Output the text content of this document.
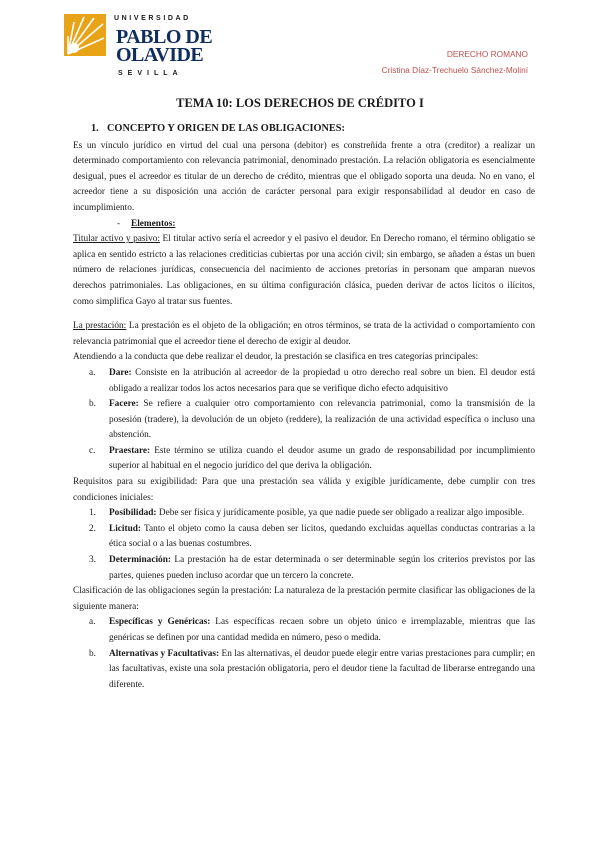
UNIVERSIDAD
PABLO DE
OLAVIDE
SEVILLA
DERECHO ROMANO
Cristina Díaz-Trechuelo Sánchez-Moliní
TEMA 10: LOS DERECHOS DE CRÉDITO I

1. CONCEPTO Y ORIGEN DE LAS OBLIGACIONES:

Es un vínculo jurídico en virtud del cual una persona (debitor) es constreñida frente a otra (creditor) a realizar un determinado comportamiento con relevancia patrimonial, denominado prestación. La relación obligatoria es esencialmente desigual, pues el acreedor es titular de un derecho de crédito, mientras que el obligado soporta una deuda. No en vano, el acreedor tiene a su disposición una acción de carácter personal para exigir responsabilidad al deudor en caso de incumplimiento.

- Elementos:

Titular activo y pasivo: El titular activo sería el acreedor y el pasivo el deudor. En Derecho romano, el término obligatio se aplica en sentido estricto a las relaciones crediticias cubiertas por una acción civil; sin embargo, se añaden a éstas un buen número de relaciones jurídicas, consecuencia del nacimiento de acciones pretorias in personam que amparan nuevos derechos patrimoniales. Las obligaciones, en su última configuración clásica, pueden derivar de actos lícitos o ilícitos, como simplifica Gayo al tratar sus fuentes.

La prestación: La prestación es el objeto de la obligación; en otros términos, se trata de la actividad o comportamiento con relevancia patrimonial que el acreedor tiene el derecho de exigir al deudor.

Atendiendo a la conducta que debe realizar el deudor, la prestación se clasifica en tres categorías principales:

a. Dare: Consiste en la atribución al acreedor de la propiedad u otro derecho real sobre un bien. El deudor está obligado a realizar todos los actos necesarios para que se verifique dicho efecto adquisitivo
b. Facere: Se refiere a cualquier otro comportamiento con relevancia patrimonial, como la transmisión de la posesión (tradere), la devolución de un objeto (reddere), la realización de una actividad específica o incluso una abstención.
c. Praestare: Este término se utiliza cuando el deudor asume un grado de responsabilidad por incumplimiento superior al habitual en el negocio jurídico del que deriva la obligación.

Requisitos para su exigibilidad: Para que una prestación sea válida y exigible jurídicamente, debe cumplir con tres condiciones iniciales:

1. Posibilidad: Debe ser física y jurídicamente posible, ya que nadie puede ser obligado a realizar algo imposible.
2. Licitud: Tanto el objeto como la causa deben ser lícitos, quedando excluidas aquellas conductas contrarias a la ética social o a las buenas costumbres.
3. Determinación: La prestación ha de estar determinada o ser determinable según los criterios previstos por las partes, quienes pueden incluso acordar que un tercero la concrete.

Clasificación de las obligaciones según la prestación: La naturaleza de la prestación permite clasificar las obligaciones de la siguiente manera:

a. Específicas y Genéricas: Las específicas recaen sobre un objeto único e irremplazable, mientras que las genéricas se definen por una cantidad medida en número, peso o medida.
b. Alternativas y Facultativas: En las alternativas, el deudor puede elegir entre varias prestaciones para cumplir; en las facultativas, existe una sola prestación obligatoria, pero el deudor tiene la facultad de liberarse entregando una diferente.
